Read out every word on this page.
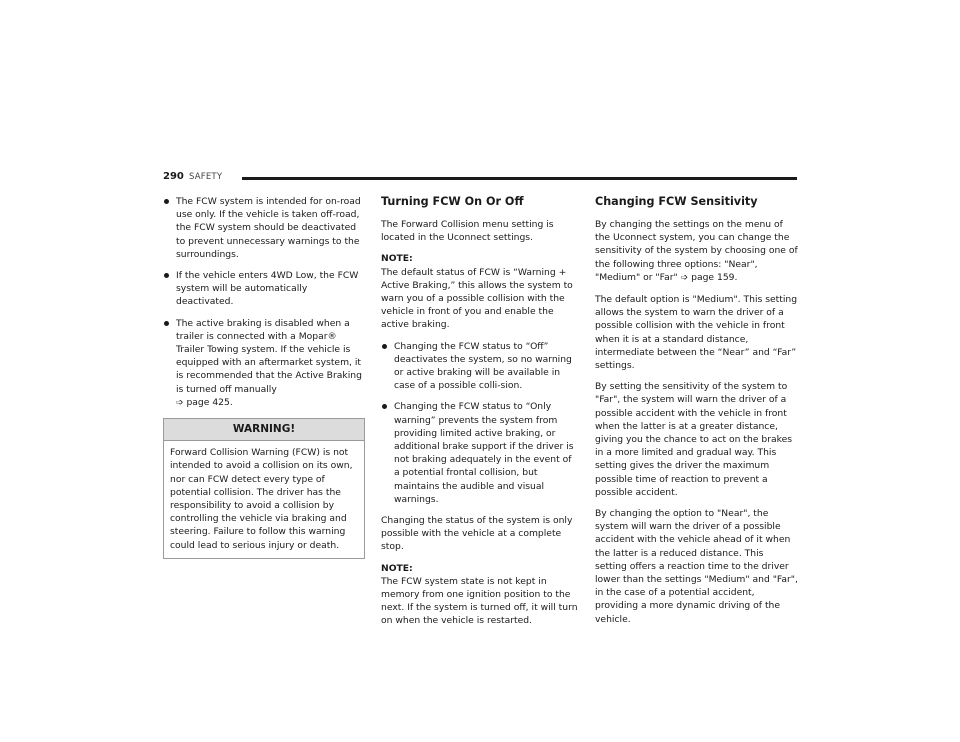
290 SAFETY
The FCW system is intended for on-road use only. If the vehicle is taken off-road, the FCW system should be deactivated to prevent unnecessary warnings to the surroundings.
If the vehicle enters 4WD Low, the FCW system will be automatically deactivated.
The active braking is disabled when a trailer is connected with a Mopar® Trailer Towing system. If the vehicle is equipped with an aftermarket system, it is recommended that the Active Braking is turned off manually
➩ page 425.
WARNING!
Forward Collision Warning (FCW) is not intended to avoid a collision on its own, nor can FCW detect every type of potential collision. The driver has the responsibility to avoid a collision by controlling the vehicle via braking and steering. Failure to follow this warning could lead to serious injury or death.
Turning FCW On Or Off

The Forward Collision menu setting is located in the Uconnect settings.

NOTE:
The default status of FCW is “Warning + Active Braking,” this allows the system to warn you of a possible collision with the vehicle in front of you and enable the active braking.
Changing the FCW status to “Off” deactivates the system, so no warning or active braking will be available in case of a possible colli-sion.
Changing the FCW status to “Only warning” prevents the system from providing limited active braking, or additional brake support if the driver is not braking adequately in the event of a potential frontal collision, but maintains the audible and visual warnings.

Changing the status of the system is only possible with the vehicle at a complete stop.

NOTE:
The FCW system state is not kept in memory from one ignition position to the next. If the system is turned off, it will turn on when the vehicle is restarted.
Changing FCW Sensitivity

By changing the settings on the menu of the Uconnect system, you can change the sensitivity of the system by choosing one of the following three options: "Near", "Medium" or "Far" ➩ page 159.

The default option is "Medium". This setting allows the system to warn the driver of a possible collision with the vehicle in front when it is at a standard distance, intermediate between the “Near” and “Far” settings.

By setting the sensitivity of the system to "Far", the system will warn the driver of a possible accident with the vehicle in front when the latter is at a greater distance, giving you the chance to act on the brakes in a more limited and gradual way. This setting gives the driver the maximum possible time of reaction to prevent a possible accident.

By changing the option to "Near", the system will warn the driver of a possible accident with the vehicle ahead of it when the latter is a reduced distance. This setting offers a reaction time to the driver lower than the settings "Medium" and "Far", in the case of a potential accident, providing a more dynamic driving of the vehicle.
